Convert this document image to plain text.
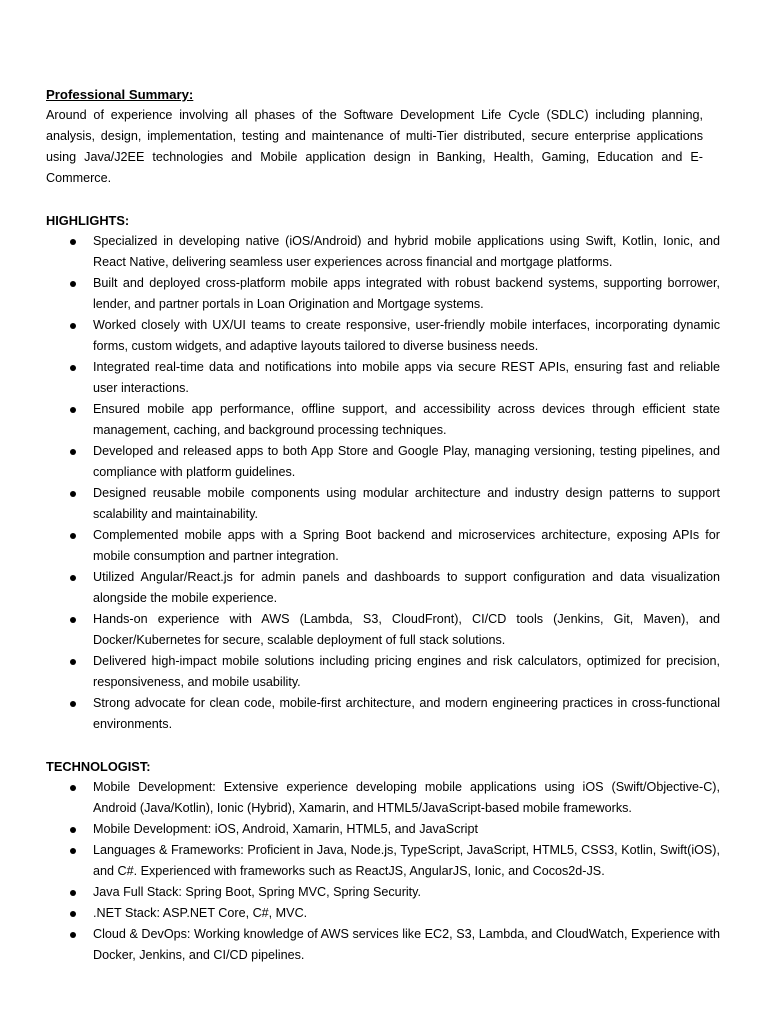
Professional Summary:
Around of experience involving all phases of the Software Development Life Cycle (SDLC) including planning, analysis, design, implementation, testing and maintenance of multi-Tier distributed, secure enterprise applications using Java/J2EE technologies and Mobile application design in Banking, Health, Gaming, Education and E-Commerce.
HIGHLIGHTS:
Specialized in developing native (iOS/Android) and hybrid mobile applications using Swift, Kotlin, Ionic, and React Native, delivering seamless user experiences across financial and mortgage platforms.
Built and deployed cross-platform mobile apps integrated with robust backend systems, supporting borrower, lender, and partner portals in Loan Origination and Mortgage systems.
Worked closely with UX/UI teams to create responsive, user-friendly mobile interfaces, incorporating dynamic forms, custom widgets, and adaptive layouts tailored to diverse business needs.
Integrated real-time data and notifications into mobile apps via secure REST APIs, ensuring fast and reliable user interactions.
Ensured mobile app performance, offline support, and accessibility across devices through efficient state management, caching, and background processing techniques.
Developed and released apps to both App Store and Google Play, managing versioning, testing pipelines, and compliance with platform guidelines.
Designed reusable mobile components using modular architecture and industry design patterns to support scalability and maintainability.
Complemented mobile apps with a Spring Boot backend and microservices architecture, exposing APIs for mobile consumption and partner integration.
Utilized Angular/React.js for admin panels and dashboards to support configuration and data visualization alongside the mobile experience.
Hands-on experience with AWS (Lambda, S3, CloudFront), CI/CD tools (Jenkins, Git, Maven), and Docker/Kubernetes for secure, scalable deployment of full stack solutions.
Delivered high-impact mobile solutions including pricing engines and risk calculators, optimized for precision, responsiveness, and mobile usability.
Strong advocate for clean code, mobile-first architecture, and modern engineering practices in cross-functional environments.
TECHNOLOGIST:
Mobile Development: Extensive experience developing mobile applications using iOS (Swift/Objective-C), Android (Java/Kotlin), Ionic (Hybrid), Xamarin, and HTML5/JavaScript-based mobile frameworks.
Mobile Development: iOS, Android, Xamarin, HTML5, and JavaScript
Languages & Frameworks: Proficient in Java, Node.js, TypeScript, JavaScript, HTML5, CSS3, Kotlin, Swift(iOS), and C#. Experienced with frameworks such as ReactJS, AngularJS, Ionic, and Cocos2d-JS.
Java Full Stack: Spring Boot, Spring MVC, Spring Security.
.NET Stack: ASP.NET Core, C#, MVC.
Cloud & DevOps: Working knowledge of AWS services like EC2, S3, Lambda, and CloudWatch, Experience with Docker, Jenkins, and CI/CD pipelines.
